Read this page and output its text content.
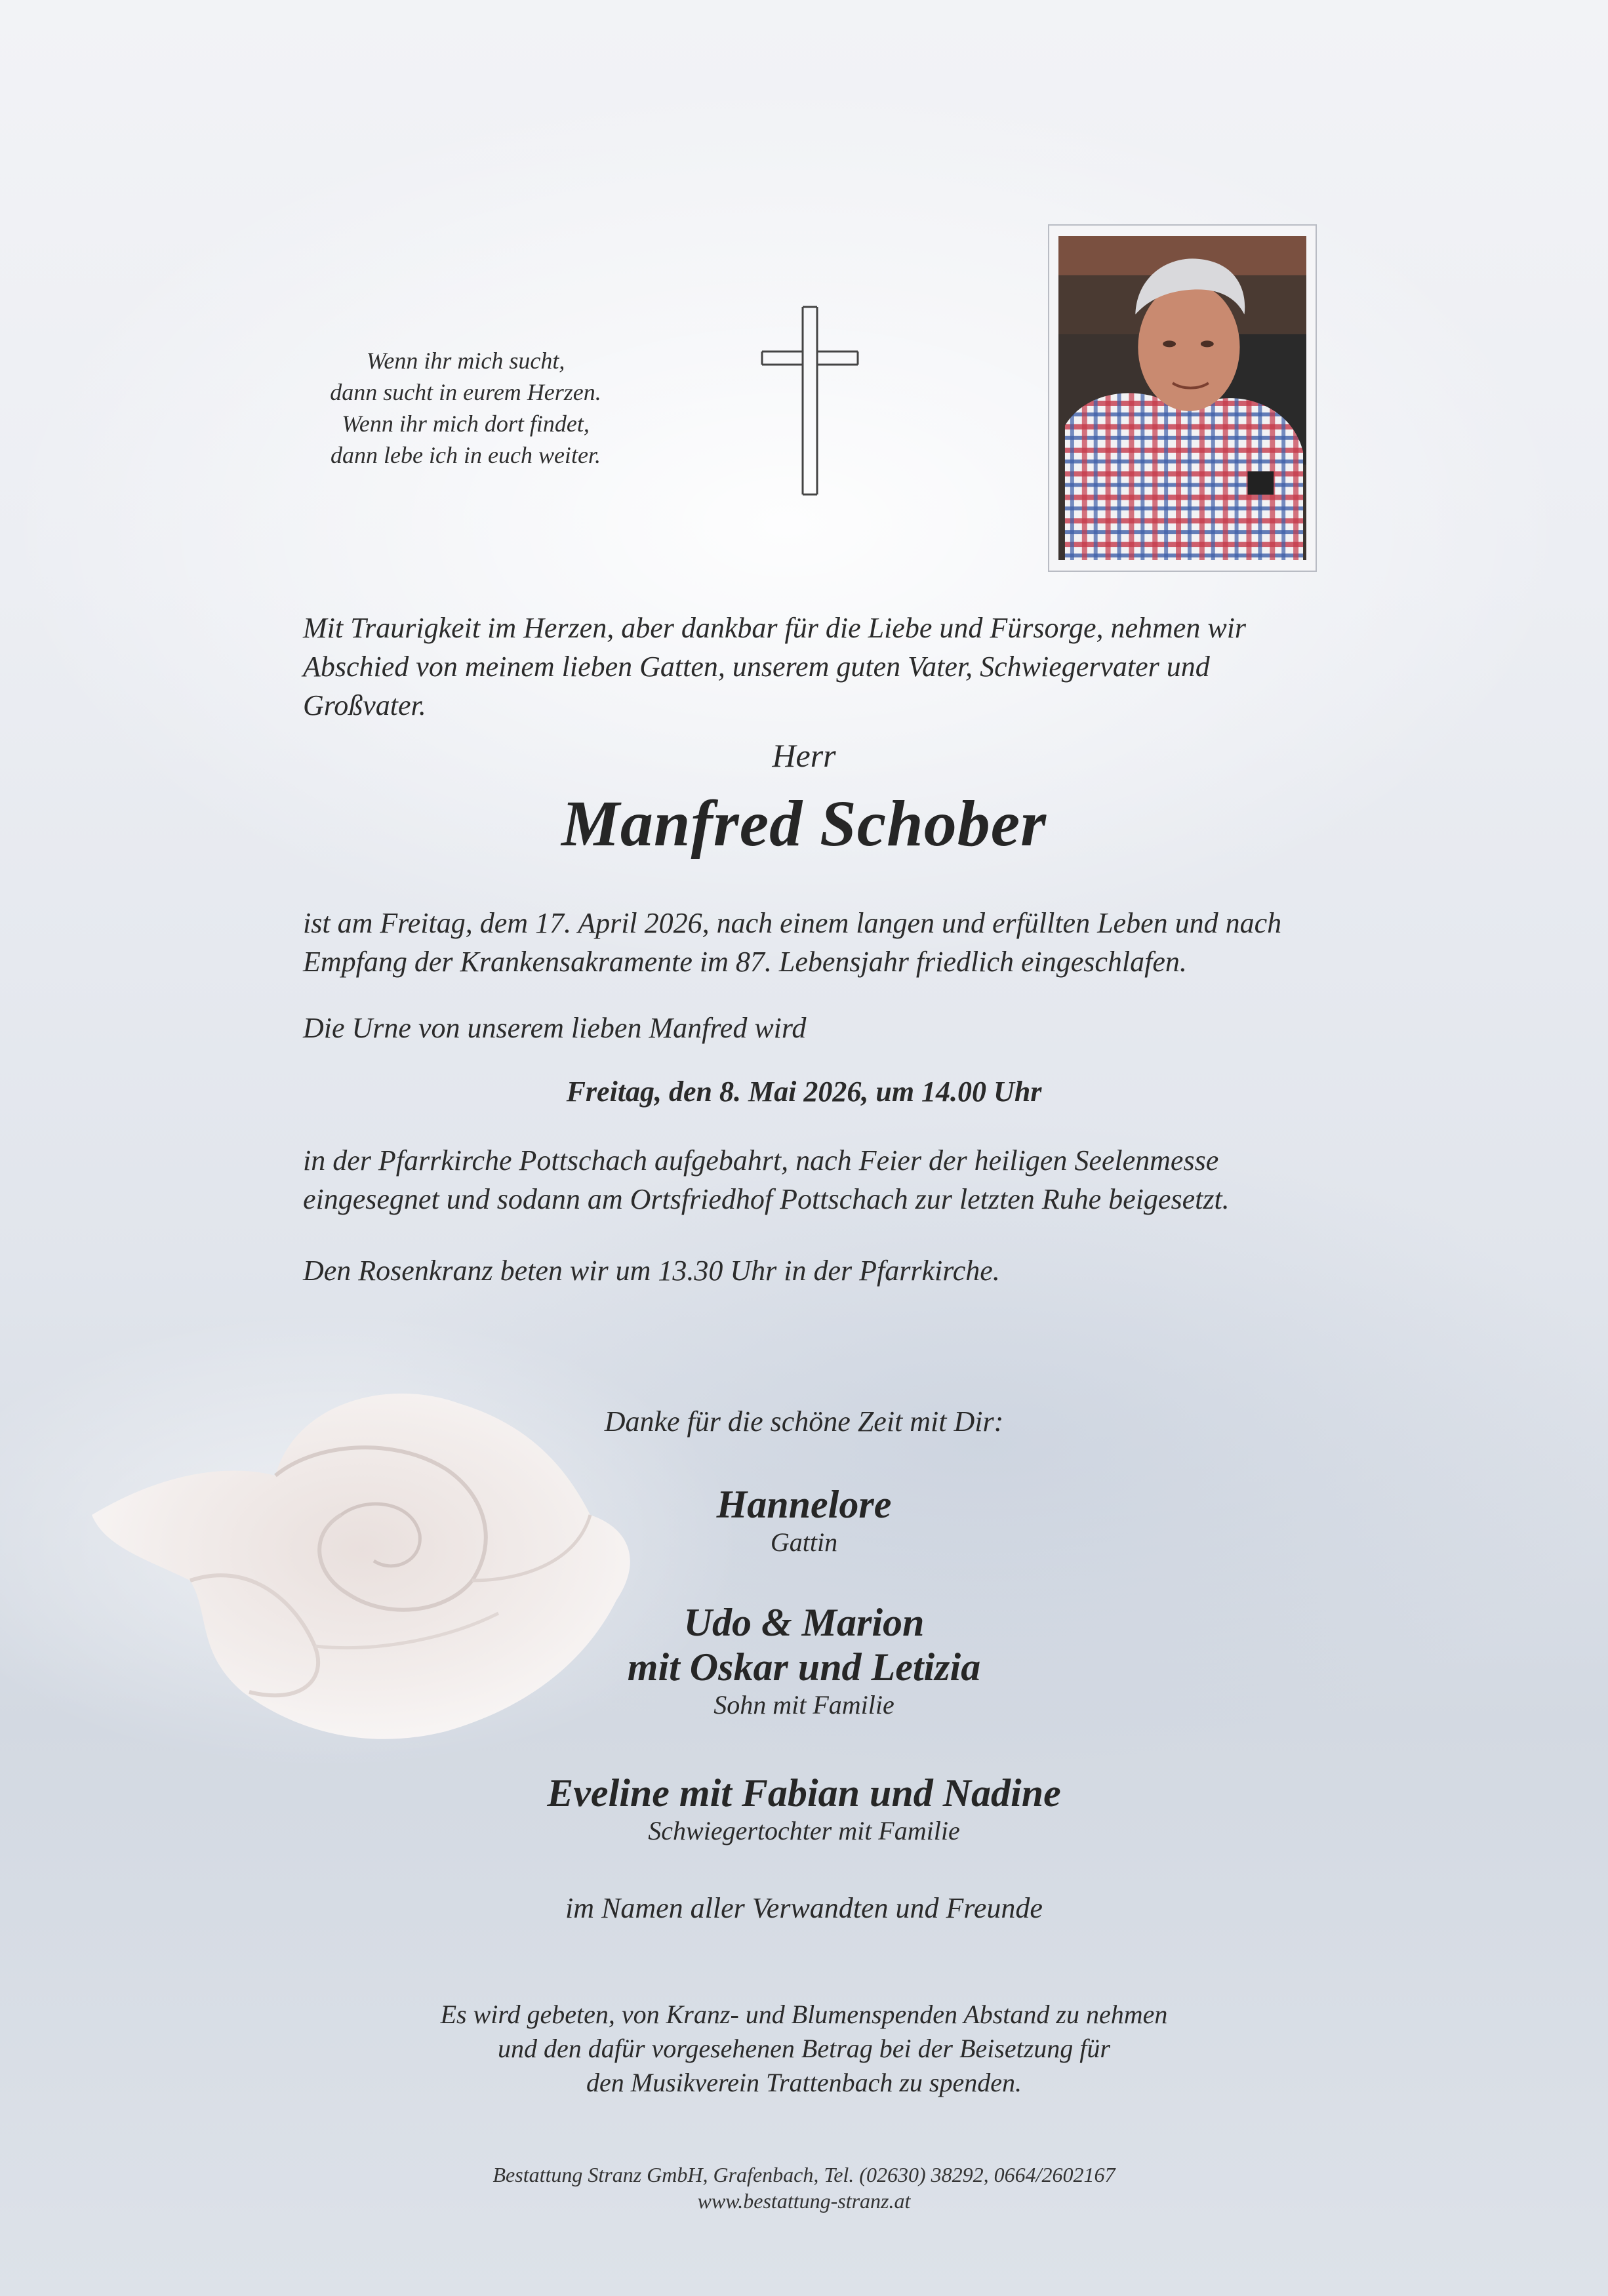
Wenn ihr mich sucht,
dann sucht in eurem Herzen.
Wenn ihr mich dort findet,
dann lebe ich in euch weiter.
Mit Traurigkeit im Herzen, aber dankbar für die Liebe und Fürsorge, nehmen wir Abschied von meinem lieben Gatten, unserem guten Vater, Schwiegervater und Großvater.
Herr
Manfred Schober
ist am Freitag, dem 17. April 2026, nach einem langen und erfüllten Leben und nach Empfang der Krankensakramente im 87. Lebensjahr friedlich eingeschlafen.
Die Urne von unserem lieben Manfred wird
Freitag, den 8. Mai 2026, um 14.00 Uhr
in der Pfarrkirche Pottschach aufgebahrt, nach Feier der heiligen Seelenmesse eingesegnet und sodann am Ortsfriedhof Pottschach zur letzten Ruhe beigesetzt.
Den Rosenkranz beten wir um 13.30 Uhr in der Pfarrkirche.
Danke für die schöne Zeit mit Dir:
Hannelore
Gattin
Udo & Marion
mit Oskar und Letizia
Sohn mit Familie
Eveline mit Fabian und Nadine
Schwiegertochter mit Familie
im Namen aller Verwandten und Freunde
Es wird gebeten, von Kranz- und Blumenspenden Abstand zu nehmen
und den dafür vorgesehenen Betrag bei der Beisetzung für
den Musikverein Trattenbach zu spenden.
Bestattung Stranz GmbH, Grafenbach, Tel. (02630) 38292, 0664/2602167
www.bestattung-stranz.at
